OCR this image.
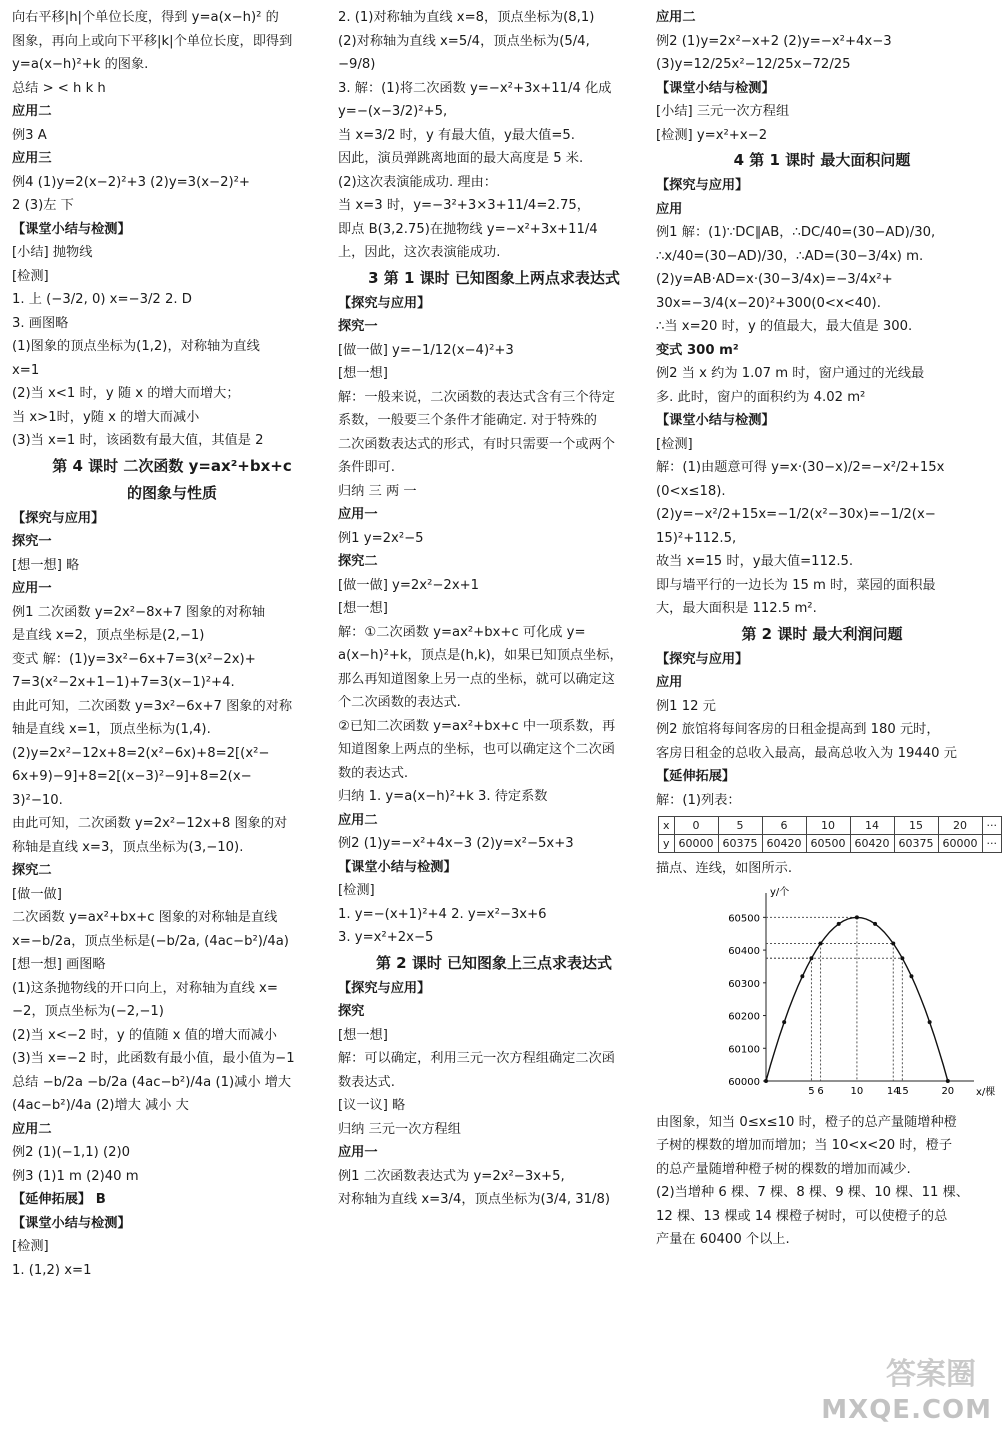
向右平移|h|个单位长度，得到 y=a(x−h)² 的
图象，再向上或向下平移|k|个单位长度，即得到
y=a(x−h)²+k 的图象.
总结 > < h k h
应用二
例3 A
应用三
例4 (1)y=2(x−2)²+3 (2)y=3(x−2)²+
2 (3)左 下
【课堂小结与检测】
[小结] 抛物线
[检测]
1. 上 (−3/2, 0) x=−3/2 2. D
3. 画图略
(1)图象的顶点坐标为(1,2)，对称轴为直线
x=1
(2)当 x<1 时，y 随 x 的增大而增大；
当 x>1时，y随 x 的增大而减小
(3)当 x=1 时，该函数有最大值，其值是 2
第 4 课时 二次函数 y=ax²+bx+c
的图象与性质
【探究与应用】
探究一
[想一想] 略
应用一
例1 二次函数 y=2x²−8x+7 图象的对称轴
是直线 x=2，顶点坐标是(2,−1)
变式 解：(1)y=3x²−6x+7=3(x²−2x)+
7=3(x²−2x+1−1)+7=3(x−1)²+4.
由此可知，二次函数 y=3x²−6x+7 图象的对称
轴是直线 x=1，顶点坐标为(1,4).
(2)y=2x²−12x+8=2(x²−6x)+8=2[(x²−
6x+9)−9]+8=2[(x−3)²−9]+8=2(x−
3)²−10.
由此可知，二次函数 y=2x²−12x+8 图象的对
称轴是直线 x=3，顶点坐标为(3,−10).
探究二
[做一做]
二次函数 y=ax²+bx+c 图象的对称轴是直线
x=−b/2a，顶点坐标是(−b/2a, (4ac−b²)/4a)
[想一想] 画图略
(1)这条抛物线的开口向上，对称轴为直线 x=
−2，顶点坐标为(−2,−1)
(2)当 x<−2 时，y 的值随 x 值的增大而减小
(3)当 x=−2 时，此函数有最小值，最小值为−1
总结 −b/2a −b/2a (4ac−b²)/4a (1)减小 增大
(4ac−b²)/4a (2)增大 减小 大
应用二
例2 (1)(−1,1) (2)0
例3 (1)1 m (2)40 m
【延伸拓展】 B
【课堂小结与检测】
[检测]
1. (1,2) x=1
2. (1)对称轴为直线 x=8，顶点坐标为(8,1)
(2)对称轴为直线 x=5/4，顶点坐标为(5/4,
−9/8)
3. 解：(1)将二次函数 y=−x²+3x+11/4 化成
y=−(x−3/2)²+5,
当 x=3/2 时，y 有最大值，y最大值=5.
因此，演员弹跳离地面的最大高度是 5 米.
(2)这次表演能成功. 理由：
当 x=3 时，y=−3²+3×3+11/4=2.75，
即点 B(3,2.75)在抛物线 y=−x²+3x+11/4
上，因此，这次表演能成功.
3 第 1 课时 已知图象上两点求表达式
【探究与应用】
探究一
[做一做] y=−1/12(x−4)²+3
[想一想]
解：一般来说，二次函数的表达式含有三个待定
系数，一般要三个条件才能确定. 对于特殊的
二次函数表达式的形式，有时只需要一个或两个
条件即可.
归纳 三 两 一
应用一
例1 y=2x²−5
探究二
[做一做] y=2x²−2x+1
[想一想]
解：①二次函数 y=ax²+bx+c 可化成 y=
a(x−h)²+k，顶点是(h,k)，如果已知顶点坐标，
那么再知道图象上另一点的坐标，就可以确定这
个二次函数的表达式.
②已知二次函数 y=ax²+bx+c 中一项系数，再
知道图象上两点的坐标，也可以确定这个二次函
数的表达式.
归纳 1. y=a(x−h)²+k 3. 待定系数
应用二
例2 (1)y=−x²+4x−3 (2)y=x²−5x+3
【课堂小结与检测】
[检测]
1. y=−(x+1)²+4 2. y=x²−3x+6
3. y=x²+2x−5
第 2 课时 已知图象上三点求表达式
【探究与应用】
探究
[想一想]
解：可以确定，利用三元一次方程组确定二次函
数表达式.
[议一议] 略
归纳 三元一次方程组
应用一
例1 二次函数表达式为 y=2x²−3x+5,
对称轴为直线 x=3/4，顶点坐标为(3/4, 31/8)
应用二
例2 (1)y=2x²−x+2 (2)y=−x²+4x−3
(3)y=12/25x²−12/25x−72/25
【课堂小结与检测】
[小结] 三元一次方程组
[检测] y=x²+x−2
4 第 1 课时 最大面积问题
【探究与应用】
应用
例1 解：(1)∵DC∥AB，∴DC/40=(30−AD)/30,
∴x/40=(30−AD)/30，∴AD=(30−3/4x) m.
(2)y=AB·AD=x·(30−3/4x)=−3/4x²+
30x=−3/4(x−20)²+300(0<x<40).
∴当 x=20 时，y 的值最大，最大值是 300.
变式 300 m²
例2 当 x 约为 1.07 m 时，窗户通过的光线最
多. 此时，窗户的面积约为 4.02 m²
【课堂小结与检测】
[检测]
解：(1)由题意可得 y=x·(30−x)/2=−x²/2+15x
(0<x≤18).
(2)y=−x²/2+15x=−1/2(x²−30x)=−1/2(x−
15)²+112.5,
故当 x=15 时，y最大值=112.5.
即与墙平行的一边长为 15 m 时，菜园的面积最
大，最大面积是 112.5 m².
第 2 课时 最大利润问题
【探究与应用】
应用
例1 12 元
例2 旅馆将每间客房的日租金提高到 180 元时，
客房日租金的总收入最高，最高总收入为 19440 元
【延伸拓展】
解：(1)列表：
x	0	5	6	10	14	15	20	···
y	60000	60375	60420	60500	60420	60375	60000	···
描点、连线，如图所示.
60000
60100
60200
60300
60400
60500
5 6	10 14
15	20 x/棵
y/个
由图象，知当 0≤x≤10 时，橙子的总产量随增种橙
子树的棵数的增加而增加；当 10<x<20 时，橙子
的总产量随增种橙子树的棵数的增加而减少.
(2)当增种 6 棵、7 棵、8 棵、9 棵、10 棵、11 棵、
12 棵、13 棵或 14 棵橙子树时，可以使橙子的总
产量在 60400 个以上.
答案圈
MXQE.COM
